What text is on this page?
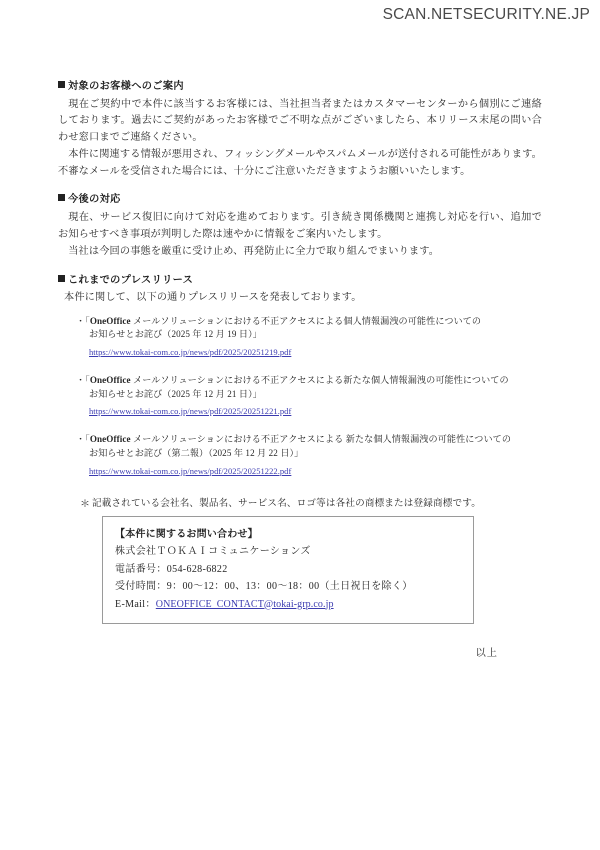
SCAN.NETSECURITY.NE.JP
対象のお客様へのご案内

現在ご契約中で本件に該当するお客様には、当社担当者またはカスタマーセンターから個別にご連絡しております。過去にご契約があったお客様でご不明な点がございましたら、本リリース末尾の問い合わせ窓口までご連絡ください。

本件に関連する情報が悪用され、フィッシングメールやスパムメールが送付される可能性があります。不審なメールを受信された場合には、十分にご注意いただきますようお願いいたします。

今後の対応

現在、サービス復旧に向けて対応を進めております。引き続き関係機関と連携し対応を行い、追加でお知らせすべき事項が判明した際は速やかに情報をご案内いたします。

当社は今回の事態を厳重に受け止め、再発防止に全力で取り組んでまいります。

これまでのプレスリリース
本件に関して、以下の通りプレスリリースを発表しております。
・「OneOffice メールソリューションにおける不正アクセスによる個人情報漏洩の可能性についての
お知らせとお詫び（2025 年 12 月 19 日）」
https://www.tokai-com.co.jp/news/pdf/2025/20251219.pdf
・「OneOffice メールソリューションにおける不正アクセスによる新たな個人情報漏洩の可能性についての
お知らせとお詫び（2025 年 12 月 21 日）」
https://www.tokai-com.co.jp/news/pdf/2025/20251221.pdf
・「OneOffice メールソリューションにおける不正アクセスによる 新たな個人情報漏洩の可能性についての
お知らせとお詫び（第二報）（2025 年 12 月 22 日）」
https://www.tokai-com.co.jp/news/pdf/2025/20251222.pdf
＊ 記載されている会社名、製品名、サービス名、ロゴ等は各社の商標または登録商標です。
【本件に関するお問い合わせ】
株式会社ＴＯＫＡＩコミュニケーションズ
電話番号：054-628-6822
受付時間：9：00〜12：00、13：00〜18：00（土日祝日を除く）
E-Mail：ONEOFFICE_CONTACT@tokai-grp.co.jp
以上
